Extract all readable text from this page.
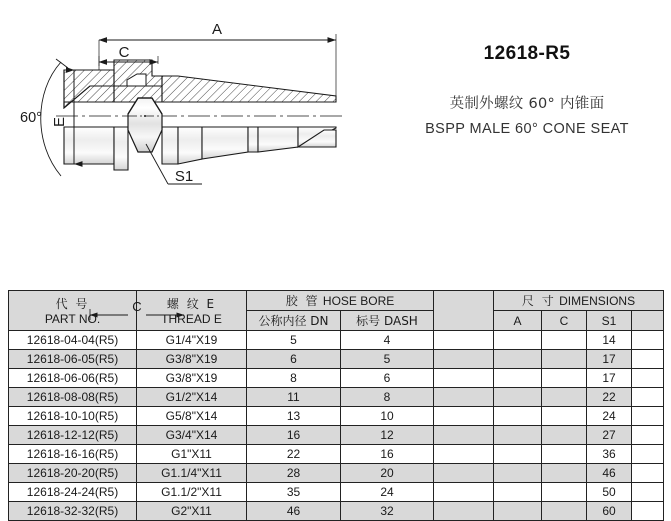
A
C
E
60°
S1
12618-R5
英制外螺纹 60° 内锥面
BSPP MALE 60° CONE SEAT
代 号
PART NO.

螺 纹 E
THREAD E
	胶 管 HOSE BORE		尺 寸 DIMENSIONS
		公称内径 DN	标号 DASH		A	C	S1	
12618-04-04(R5)	G1/4"X19	5	4				14	
12618-06-05(R5)	G3/8"X19	6	5				17	
12618-06-06(R5)	G3/8"X19	8	6				17	
12618-08-08(R5)	G1/2"X14	11	8				22	
12618-10-10(R5)	G5/8"X14	13	10				24	
12618-12-12(R5)	G3/4"X14	16	12				27	
12618-16-16(R5)	G1"X11	22	16				36	
12618-20-20(R5)	G1.1/4"X11	28	20				46	
12618-24-24(R5)	G1.1/2"X11	35	24				50	
12618-32-32(R5)	G2"X11	46	32				60	
C
